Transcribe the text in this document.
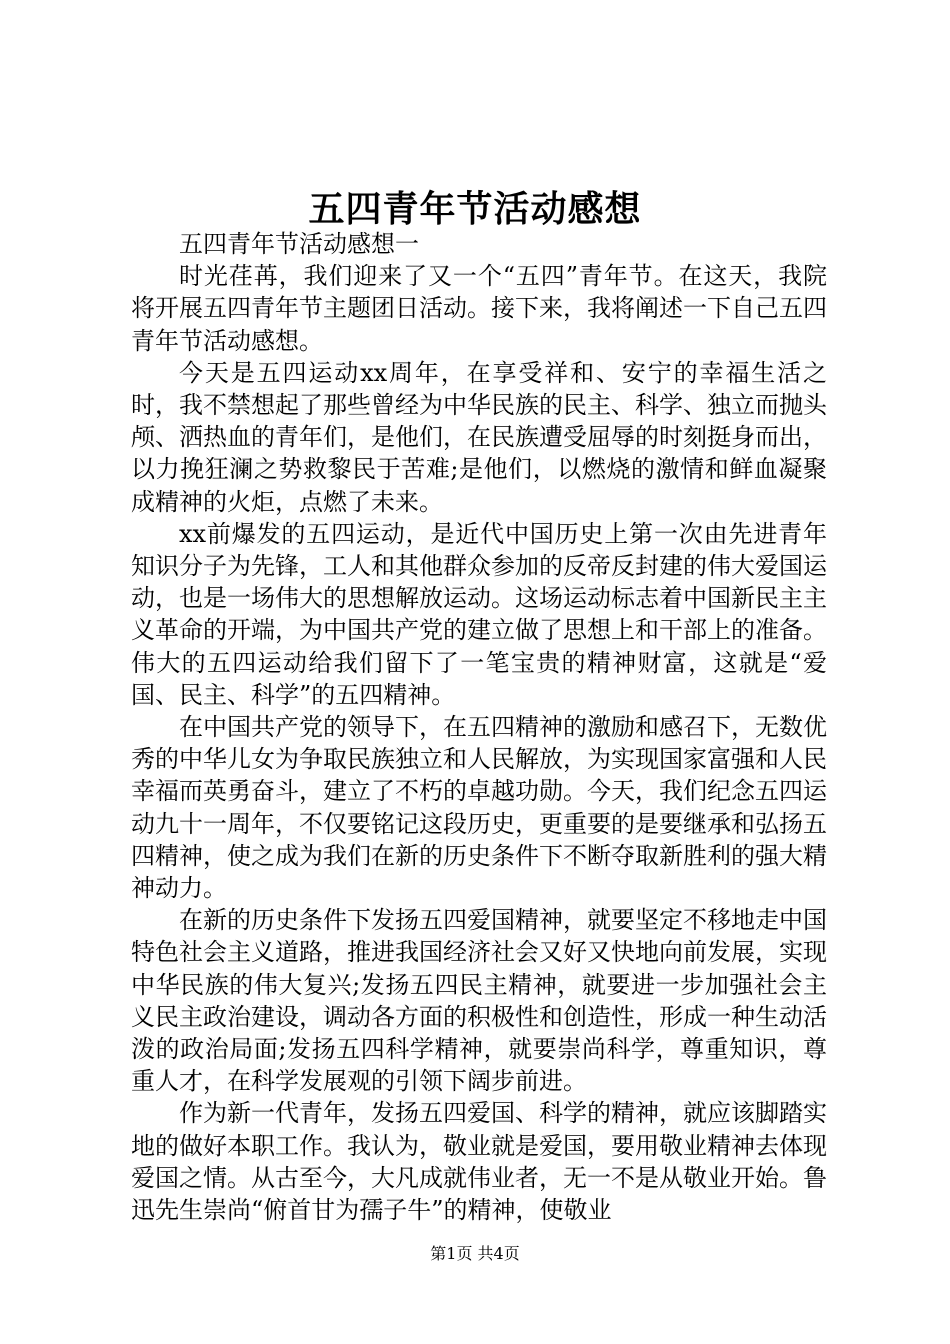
五四青年节活动感想

五四青年节活动感想一

时光荏苒，我们迎来了又一个“五四”青年节。在这天，我院将开展五四青年节主题团日活动。接下来，我将阐述一下自己五四青年节活动感想。

今天是五四运动xx周年，在享受祥和、安宁的幸福生活之时，我不禁想起了那些曾经为中华民族的民主、科学、独立而抛头颅、洒热血的青年们，是他们，在民族遭受屈辱的时刻挺身而出，以力挽狂澜之势救黎民于苦难;是他们，以燃烧的激情和鲜血凝聚成精神的火炬，点燃了未来。

xx前爆发的五四运动，是近代中国历史上第一次由先进青年知识分子为先锋，工人和其他群众参加的反帝反封建的伟大爱国运动，也是一场伟大的思想解放运动。这场运动标志着中国新民主主义革命的开端，为中国共产党的建立做了思想上和干部上的准备。伟大的五四运动给我们留下了一笔宝贵的精神财富，这就是“爱国、民主、科学”的五四精神。

在中国共产党的领导下，在五四精神的激励和感召下，无数优秀的中华儿女为争取民族独立和人民解放，为实现国家富强和人民幸福而英勇奋斗，建立了不朽的卓越功勋。今天，我们纪念五四运动九十一周年，不仅要铭记这段历史，更重要的是要继承和弘扬五四精神，使之成为我们在新的历史条件下不断夺取新胜利的强大精神动力。

在新的历史条件下发扬五四爱国精神，就要坚定不移地走中国特色社会主义道路，推进我国经济社会又好又快地向前发展，实现中华民族的伟大复兴;发扬五四民主精神，就要进一步加强社会主义民主政治建设，调动各方面的积极性和创造性，形成一种生动活泼的政治局面;发扬五四科学精神，就要崇尚科学，尊重知识，尊重人才，在科学发展观的引领下阔步前进。

作为新一代青年，发扬五四爱国、科学的精神，就应该脚踏实地的做好本职工作。我认为，敬业就是爱国，要用敬业精神去体现爱国之情。从古至今，大凡成就伟业者，无一不是从敬业开始。鲁迅先生崇尚“俯首甘为孺子牛”的精神，使敬业

第1页 共4页
